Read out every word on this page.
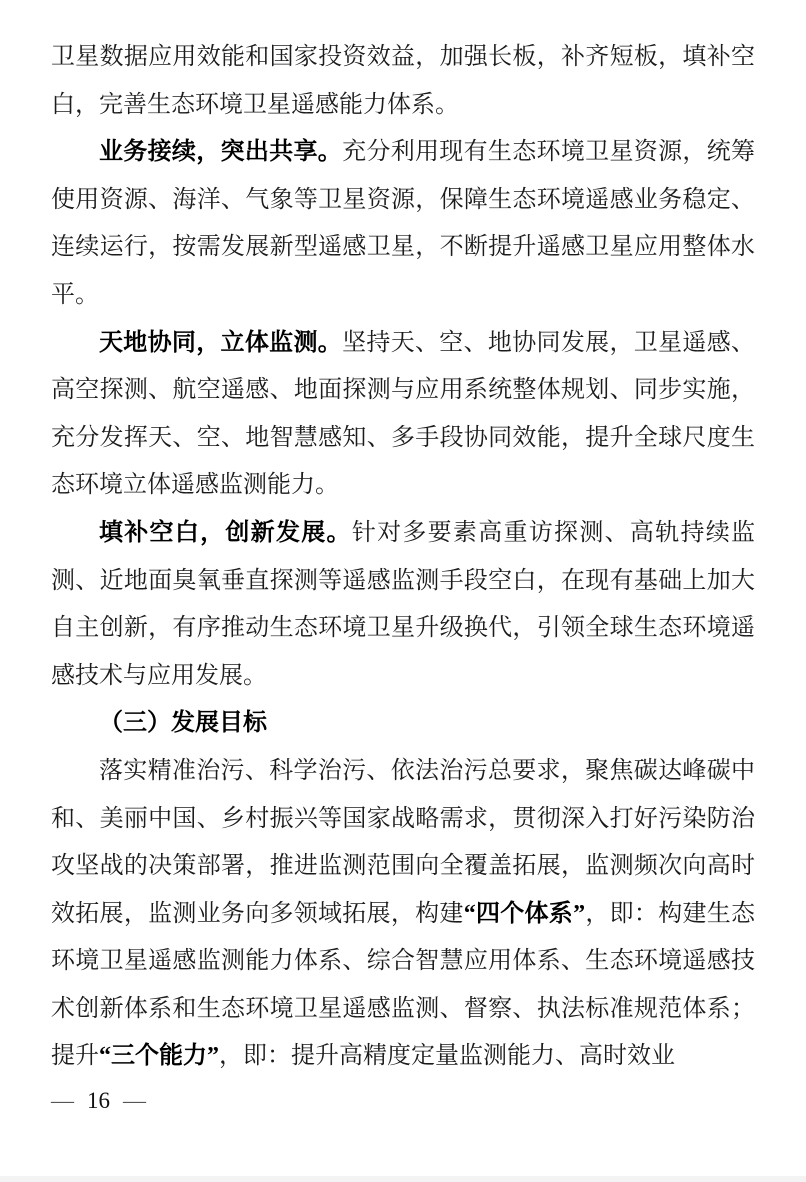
卫星数据应用效能和国家投资效益，加强长板，补齐短板，填补空白，完善生态环境卫星遥感能力体系。

业务接续，突出共享。充分利用现有生态环境卫星资源，统筹使用资源、海洋、气象等卫星资源，保障生态环境遥感业务稳定、连续运行，按需发展新型遥感卫星，不断提升遥感卫星应用整体水平。

天地协同，立体监测。坚持天、空、地协同发展，卫星遥感、高空探测、航空遥感、地面探测与应用系统整体规划、同步实施，充分发挥天、空、地智慧感知、多手段协同效能，提升全球尺度生态环境立体遥感监测能力。

填补空白，创新发展。针对多要素高重访探测、高轨持续监测、近地面臭氧垂直探测等遥感监测手段空白，在现有基础上加大自主创新，有序推动生态环境卫星升级换代，引领全球生态环境遥感技术与应用发展。

（三）发展目标

落实精准治污、科学治污、依法治污总要求，聚焦碳达峰碳中和、美丽中国、乡村振兴等国家战略需求，贯彻深入打好污染防治攻坚战的决策部署，推进监测范围向全覆盖拓展，监测频次向高时效拓展，监测业务向多领域拓展，构建“四个体系”，即：构建生态环境卫星遥感监测能力体系、综合智慧应用体系、生态环境遥感技术创新体系和生态环境卫星遥感监测、督察、执法标准规范体系；提升“三个能力”，即：提升高精度定量监测能力、高时效业

— 16 —
